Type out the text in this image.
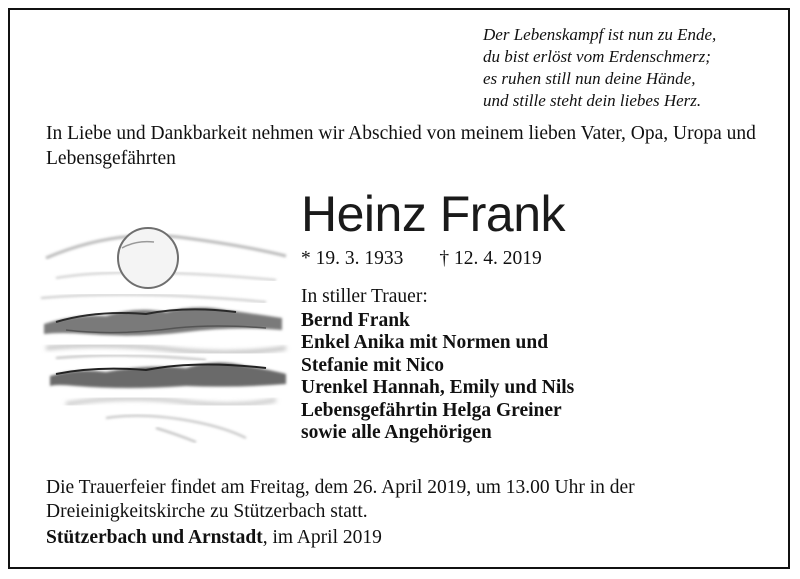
Der Lebenskampf ist nun zu Ende,
du bist erlöst vom Erdenschmerz;
es ruhen still nun deine Hände,
und stille steht dein liebes Herz.
In Liebe und Dankbarkeit nehmen wir Abschied von meinem lieben Vater, Opa, Uropa und Lebensgefährten
Heinz Frank
* 19. 3. 1933 † 12. 4. 2019
In stiller Trauer:
Bernd Frank
Enkel Anika mit Normen und
Stefanie mit Nico
Urenkel Hannah, Emily und Nils
Lebensgefährtin Helga Greiner
sowie alle Angehörigen
Die Trauerfeier findet am Freitag, dem 26. April 2019, um 13.00 Uhr in der Dreieinigkeitskirche zu Stützerbach statt.
Stützerbach und Arnstadt, im April 2019
